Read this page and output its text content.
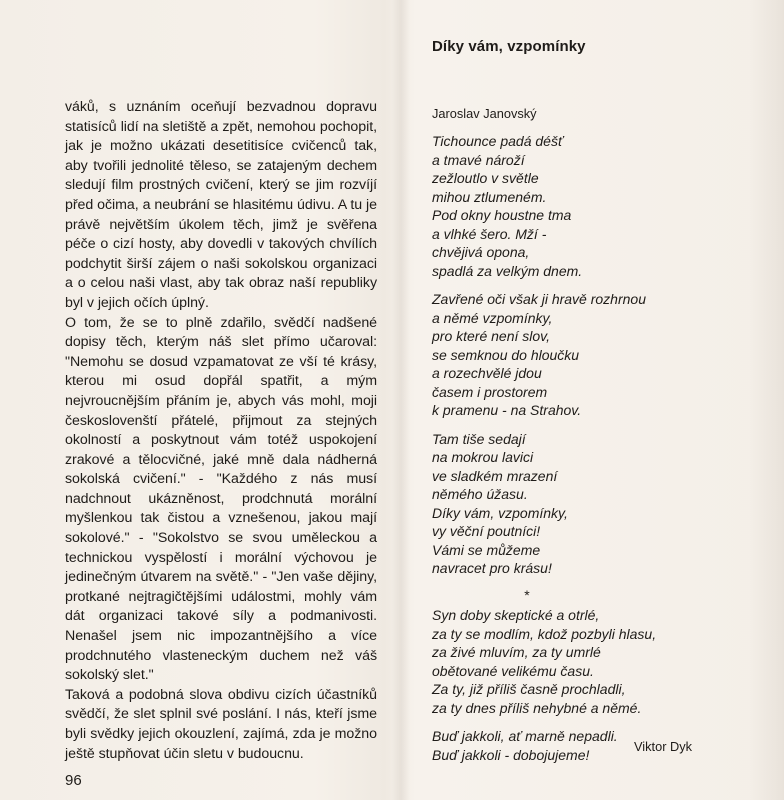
váků, s uznáním oceňují bezvadnou dopravu statisíců lidí na sletiště a zpět, nemohou pochopit, jak je možno ukázati desetitisíce cvičenců tak, aby tvořili jednolité těleso, se zatajeným dechem sledují film prostných cvičení, který se jim rozvíjí před očima, a neubrání se hlasitému údivu. A tu je právě největším úkolem těch, jimž je svěřena péče o cizí hosty, aby dovedli v takových chvílích podchytit širší zájem o naši sokolskou organizaci a o celou naši vlast, aby tak obraz naší republiky byl v jejich očích úplný.

O tom, že se to plně zdařilo, svědčí nadšené dopisy těch, kterým náš slet přímo učaroval: "Nemohu se dosud vzpamatovat ze vší té krásy, kterou mi osud dopřál spatřit, a mým nejvroucnějším přáním je, abych vás mohl, moji českoslovenští přátelé, přijmout za stejných okolností a poskytnout vám totéž uspokojení zrakové a tělocvičné, jaké mně dala nádherná sokolská cvičení." - "Každého z nás musí nadchnout ukázněnost, prodchnutá morální myšlenkou tak čistou a vznešenou, jakou mají sokolové." - "Sokolstvo se svou uměleckou a technickou vyspělostí i morální výchovou je jedinečným útvarem na světě." - "Jen vaše dějiny, protkané nejtragičtějšími událostmi, mohly vám dát organizaci takové síly a podmanivosti. Nenašel jsem nic impozantnějšího a více prodchnutého vlasteneckým duchem než váš sokolský slet."

Taková a podobná slova obdivu cizích účastníků svědčí, že slet splnil své poslání. I nás, kteří jsme byli svědky jejich okouzlení, zajímá, zda je možno ještě stupňovat účin sletu v budoucnu.

96
Díky vám, vzpomínky
Jaroslav Janovský
Tichounce padá déšť
a tmavé nároží
zežloutlo v světle
mihou ztlumeném.
Pod okny houstne tma
a vlhké šero. Mží -
chvějivá opona,
spadlá za velkým dnem.
Zavřené oči však ji hravě rozhrnou
a němé vzpomínky,
pro které není slov,
se semknou do hloučku
a rozechvělé jdou
časem i prostorem
k pramenu - na Strahov.
Tam tiše sedají
na mokrou lavici
ve sladkém mrazení
němého úžasu.
Díky vám, vzpomínky,
vy věční poutníci!
Vámi se můžeme
navracet pro krásu!
*
Syn doby skeptické a otrlé,
za ty se modlím, kdož pozbyli hlasu,
za živé mluvím, za ty umrlé
obětované velikému času.
Za ty, již příliš časně prochladli,
za ty dnes příliš nehybné a němé.
Buď jakkoli, ať marně nepadli.
Buď jakkoli - dobojujeme!	Viktor Dyk
